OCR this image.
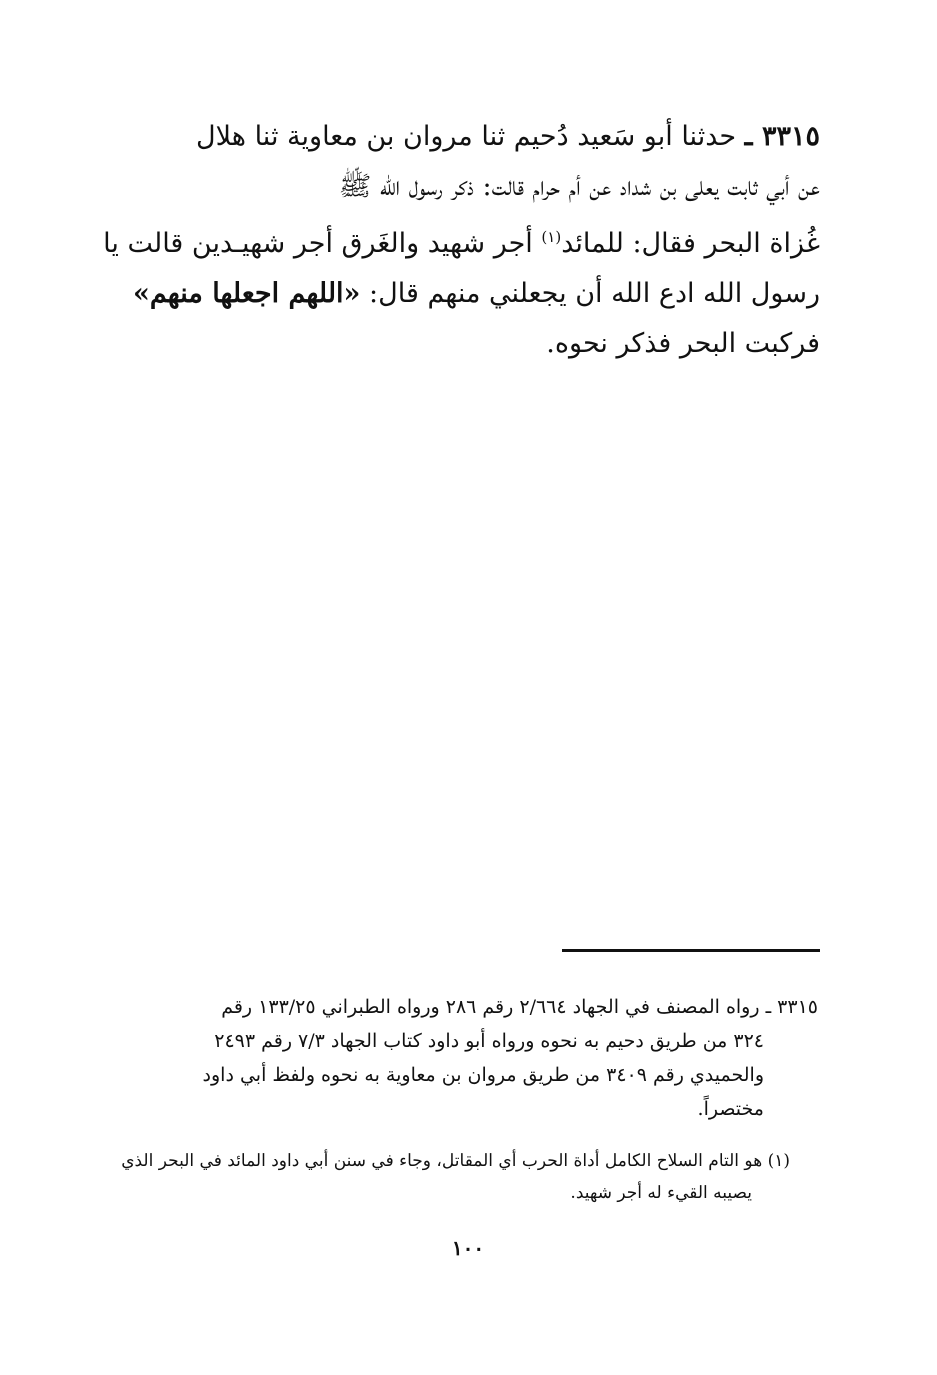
٣٣١٥ ـ حدثنا أبو سَعيد دُحيم ثنا مروان بن معاوية ثنا هلال
عن أبي ثابت يعلى بن شداد عن أم حرام قالت: ذكر رسول الله ﷺ
غُزاة البحر فقال: للمائد$^{(١)}$ أجر شهيد والغَرق أجر شهيـدين قالت يا
رسول الله ادع الله أن يجعلني منهم قال: «اللهم اجعلها منهم»
فركبت البحر فذكر نحوه.
٣٣١٥ ـ رواه المصنف في الجهاد ٢/٦٦٤ رقم ٢٨٦ ورواه الطبراني ١٣٣/٢٥ رقم
٣٢٤ من طريق دحيم به نحوه ورواه أبو داود كتاب الجهاد ٧/٣ رقم ٢٤٩٣
والحميدي رقم ٣٤٠٩ من طريق مروان بن معاوية به نحوه ولفظ أبي داود
مختصراً.
(١) هو التام السلاح الكامل أداة الحرب أي المقاتل، وجاء في سنن أبي داود المائد في البحر الذي
يصيبه القيء له أجر شهيد.
١٠٠
